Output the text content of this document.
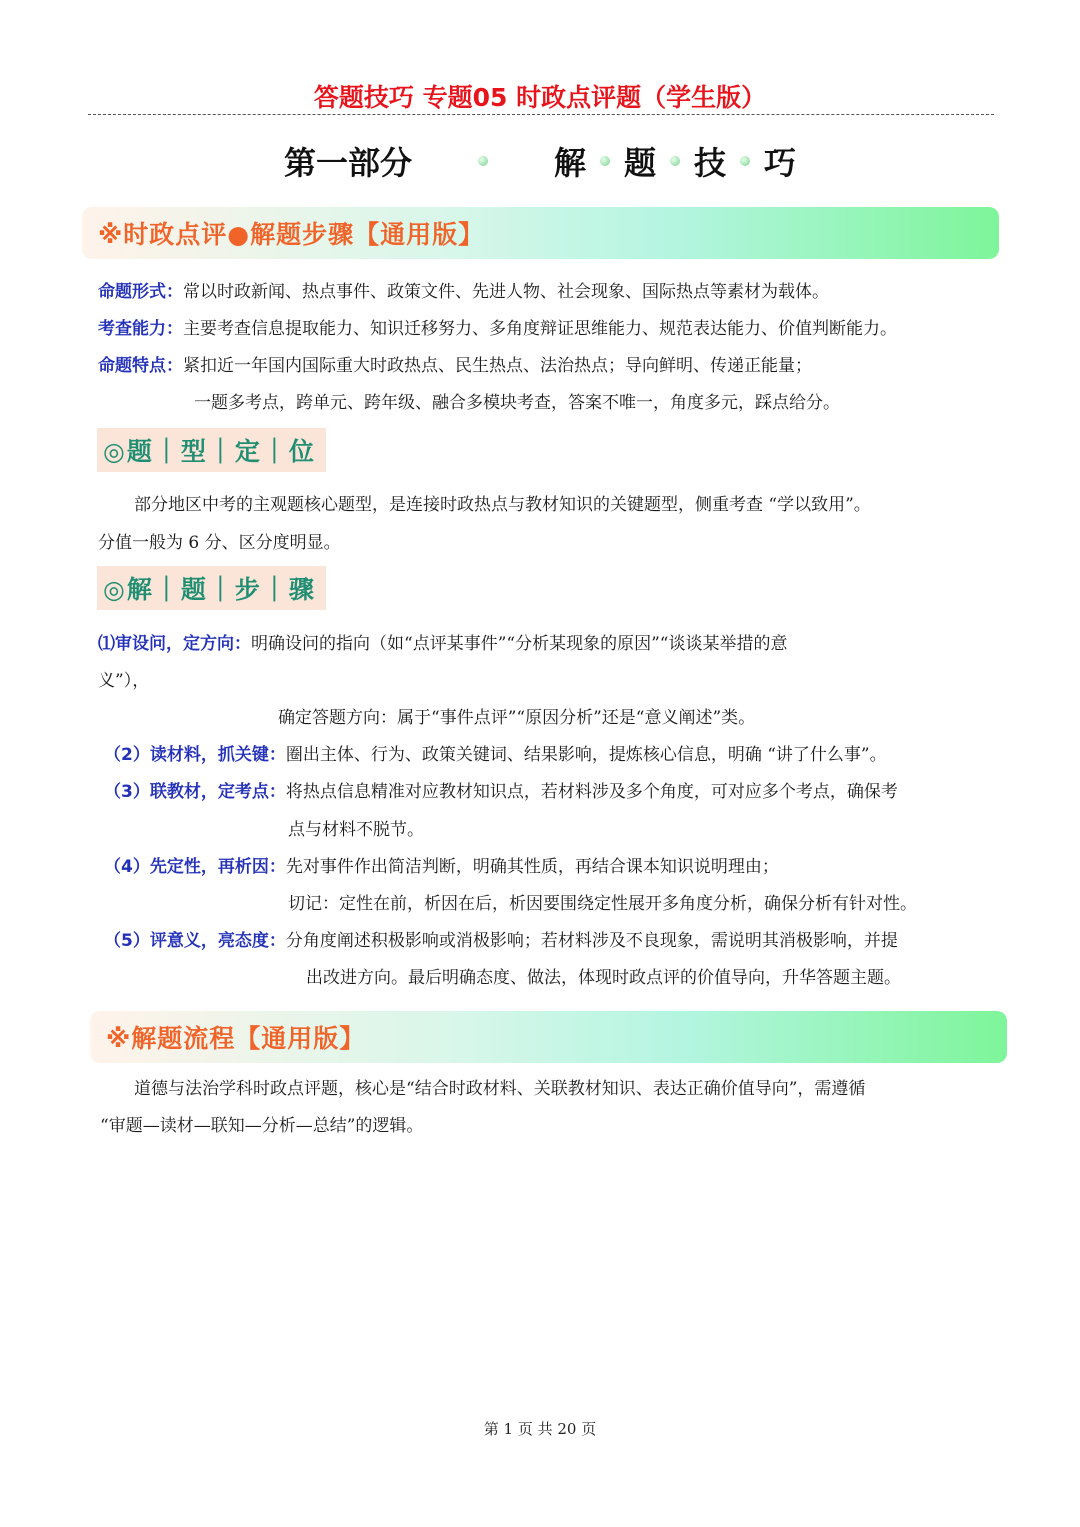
答题技巧 专题05 时政点评题（学生版）
第一部分	解 题 技 巧
※时政点评●解题步骤【通用版】
命题形式：常以时政新闻、热点事件、政策文件、先进人物、社会现象、国际热点等素材为载体。
考查能力：主要考查信息提取能力、知识迁移努力、多角度辩证思维能力、规范表达能力、价值判断能力。
命题特点：紧扣近一年国内国际重大时政热点、民生热点、法治热点；导向鲜明、传递正能量；
一题多考点，跨单元、跨年级、融合多模块考查，答案不唯一，角度多元，踩点给分。
◎题｜型｜定｜位
部分地区中考的主观题核心题型，是连接时政热点与教材知识的关键题型，侧重考查 “学以致用”。
分值一般为 6 分、区分度明显。
◎解｜题｜步｜骤
⑴审设问，定方向：明确设问的指向（如“点评某事件”“分析某现象的原因”“谈谈某举措的意
义”），
确定答题方向：属于“事件点评”“原因分析”还是“意义阐述”类。
（2）读材料，抓关键：圈出主体、行为、政策关键词、结果影响，提炼核心信息，明确 “讲了什么事”。
（3）联教材，定考点：将热点信息精准对应教材知识点，若材料涉及多个角度，可对应多个考点，确保考
点与材料不脱节。
（4）先定性，再析因：先对事件作出简洁判断，明确其性质，再结合课本知识说明理由；
切记：定性在前，析因在后，析因要围绕定性展开多角度分析，确保分析有针对性。
（5）评意义，亮态度：分角度阐述积极影响或消极影响；若材料涉及不良现象，需说明其消极影响，并提
出改进方向。最后明确态度、做法，体现时政点评的价值导向，升华答题主题。
※解题流程【通用版】
道德与法治学科时政点评题，核心是“结合时政材料、关联教材知识、表达正确价值导向”，需遵循
“审题—读材—联知—分析—总结”的逻辑。
第 1 页 共 20 页
